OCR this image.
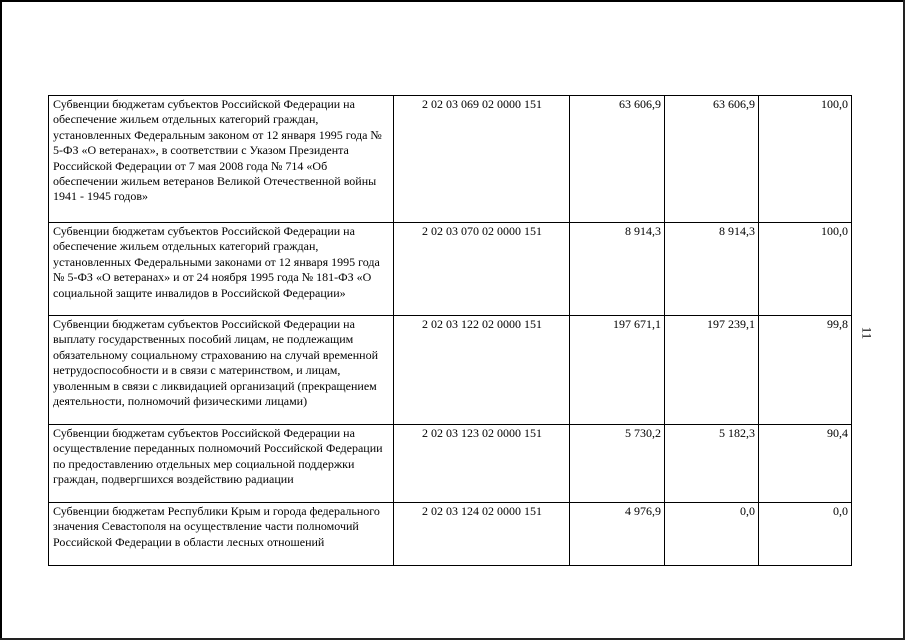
Субвенции бюджетам субъектов Российской Федерации на обеспечение жильем отдельных категорий граждан, установленных Федеральным законом от 12 января 1995 года № 5-ФЗ «О ветеранах», в соответствии с Указом Президента Российской Федерации от 7 мая 2008 года № 714 «Об обеспечении жильем ветеранов Великой Отечественной войны 1941 - 1945 годов»	2 02 03 069 02 0000 151	63 606,9	63 606,9	100,0
Субвенции бюджетам субъектов Российской Федерации на обеспечение жильем отдельных категорий граждан, установленных Федеральными законами от 12 января 1995 года № 5-ФЗ «О ветеранах» и от 24 ноября 1995 года № 181-ФЗ «О социальной защите инвалидов в Российской Федерации»	2 02 03 070 02 0000 151	8 914,3	8 914,3	100,0
Субвенции бюджетам субъектов Российской Федерации на выплату государственных пособий лицам, не подлежащим обязательному социальному страхованию на случай временной нетрудоспособности и в связи с материнством, и лицам, уволенным в связи с ликвидацией организаций (прекращением деятельности, полномочий физическими лицами)	2 02 03 122 02 0000 151	197 671,1	197 239,1	99,8
Субвенции бюджетам субъектов Российской Федерации на осуществление переданных полномочий Российской Федерации по предоставлению отдельных мер социальной поддержки граждан, подвергшихся воздействию радиации	2 02 03 123 02 0000 151	5 730,2	5 182,3	90,4
Субвенции бюджетам Республики Крым и города федерального значения Севастополя на осуществление части полномочий Российской Федерации в области лесных отношений	2 02 03 124 02 0000 151	4 976,9	0,0	0,0
11
